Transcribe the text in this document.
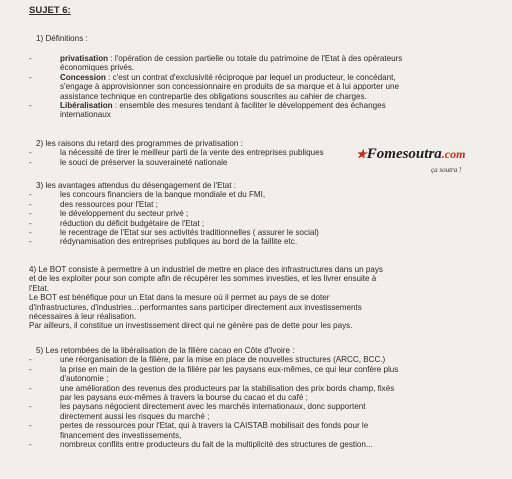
SUJET 6:
1) Définitions :
-	privatisation : l'opération de cession partielle ou totale du patrimoine de l'Etat à des opérateurs
économiques privés.
-	Concession : c'est un contrat d'exclusivité réciproque par lequel un producteur, le concédant,
s'engage à approvisionner son concessionnaire en produits de sa marque et à lui apporter une
assistance technique en contrepartie des obligations souscrites au cahier de charges.
-	Libéralisation : ensemble des mesures tendant à faciliter le développement des échanges
internationaux
★Fomesoutra.com
ça soutra !
2) les raisons du retard des programmes de privatisation :
-	la nécessité de tirer le meilleur parti de la vente des entreprises publiques
-	le souci de préserver la souveraineté nationale
3) les avantages attendus du désengagement de l'Etat :
-	les concours financiers de la banque mondiale et du FMI,
-	des ressources pour l'Etat ;
-	le développement du secteur privé ;
-	réduction du déficit budgétaire de l'Etat ;
-	le recentrage de l'Etat sur ses activités traditionnelles ( assurer le social)
-	rédynamisation des entreprises publiques au bord de la faillite etc.
4) Le BOT consiste à permettre à un industriel de mettre en place des infrastructures dans un pays
et de les exploiter pour son compte afin de récupérer les sommes investies, et les livrer ensuite à
l'Etat.
Le BOT est bénéfique pour un Etat dans la mesure où il permet au pays de se doter
d'infrastructures, d'industries…performantes sans participer directement aux investissements
nécessaires à leur réalisation.
Par ailleurs, il constitue un investissement direct qui ne génère pas de dette pour les pays.
5) Les retombées de la libéralisation de la filière cacao en Côte d'Ivoire :
-	une réorganisation de la filière, par la mise en place de nouvelles structures (ARCC, BCC.)
-	la prise en main de la gestion de la filière par les paysans eux-mêmes, ce qui leur confère plus
d'autonomie ;
-	une amélioration des revenus des producteurs par la stabilisation des prix bords champ, fixés
par les paysans eux-mêmes à travers la bourse du cacao et du café ;
-	les paysans négocient directement avec les marchés internationaux, donc supportent
directement aussi les risques du marché ;
-	pertes de ressources pour l'Etat, qui à travers la CAISTAB mobilisait des fonds pour le
financement des investissements,
-	nombreux conflits entre producteurs du fait de la multiplicité des structures de gestion...
